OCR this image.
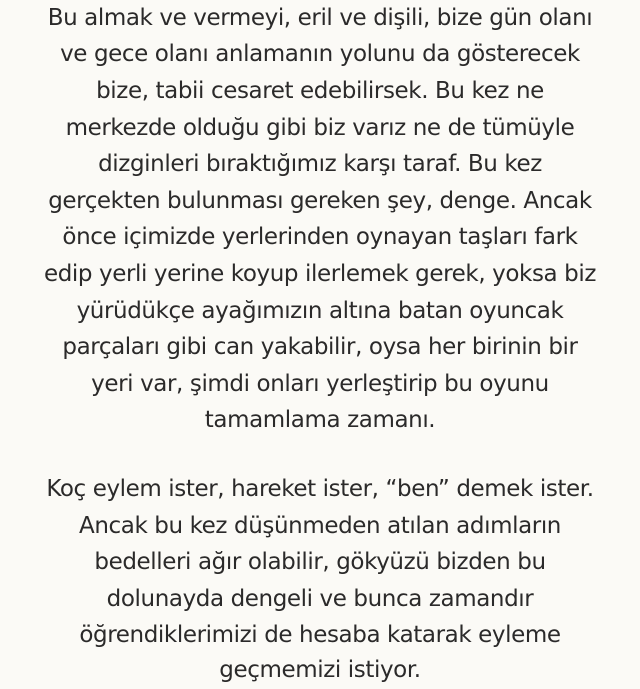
Bu almak ve vermeyi, eril ve dişili, bize gün olanı
ve gece olanı anlamanın yolunu da gösterecek
bize, tabii cesaret edebilirsek. Bu kez ne
merkezde olduğu gibi biz varız ne de tümüyle
dizginleri bıraktığımız karşı taraf. Bu kez
gerçekten bulunması gereken şey, denge. Ancak
önce içimizde yerlerinden oynayan taşları fark
edip yerli yerine koyup ilerlemek gerek, yoksa biz
yürüdükçe ayağımızın altına batan oyuncak
parçaları gibi can yakabilir, oysa her birinin bir
yeri var, şimdi onları yerleştirip bu oyunu
tamamlama zamanı.
Koç eylem ister, hareket ister, “ben” demek ister.
Ancak bu kez düşünmeden atılan adımların
bedelleri ağır olabilir, gökyüzü bizden bu
dolunayda dengeli ve bunca zamandır
öğrendiklerimizi de hesaba katarak eyleme
geçmemizi istiyor.
